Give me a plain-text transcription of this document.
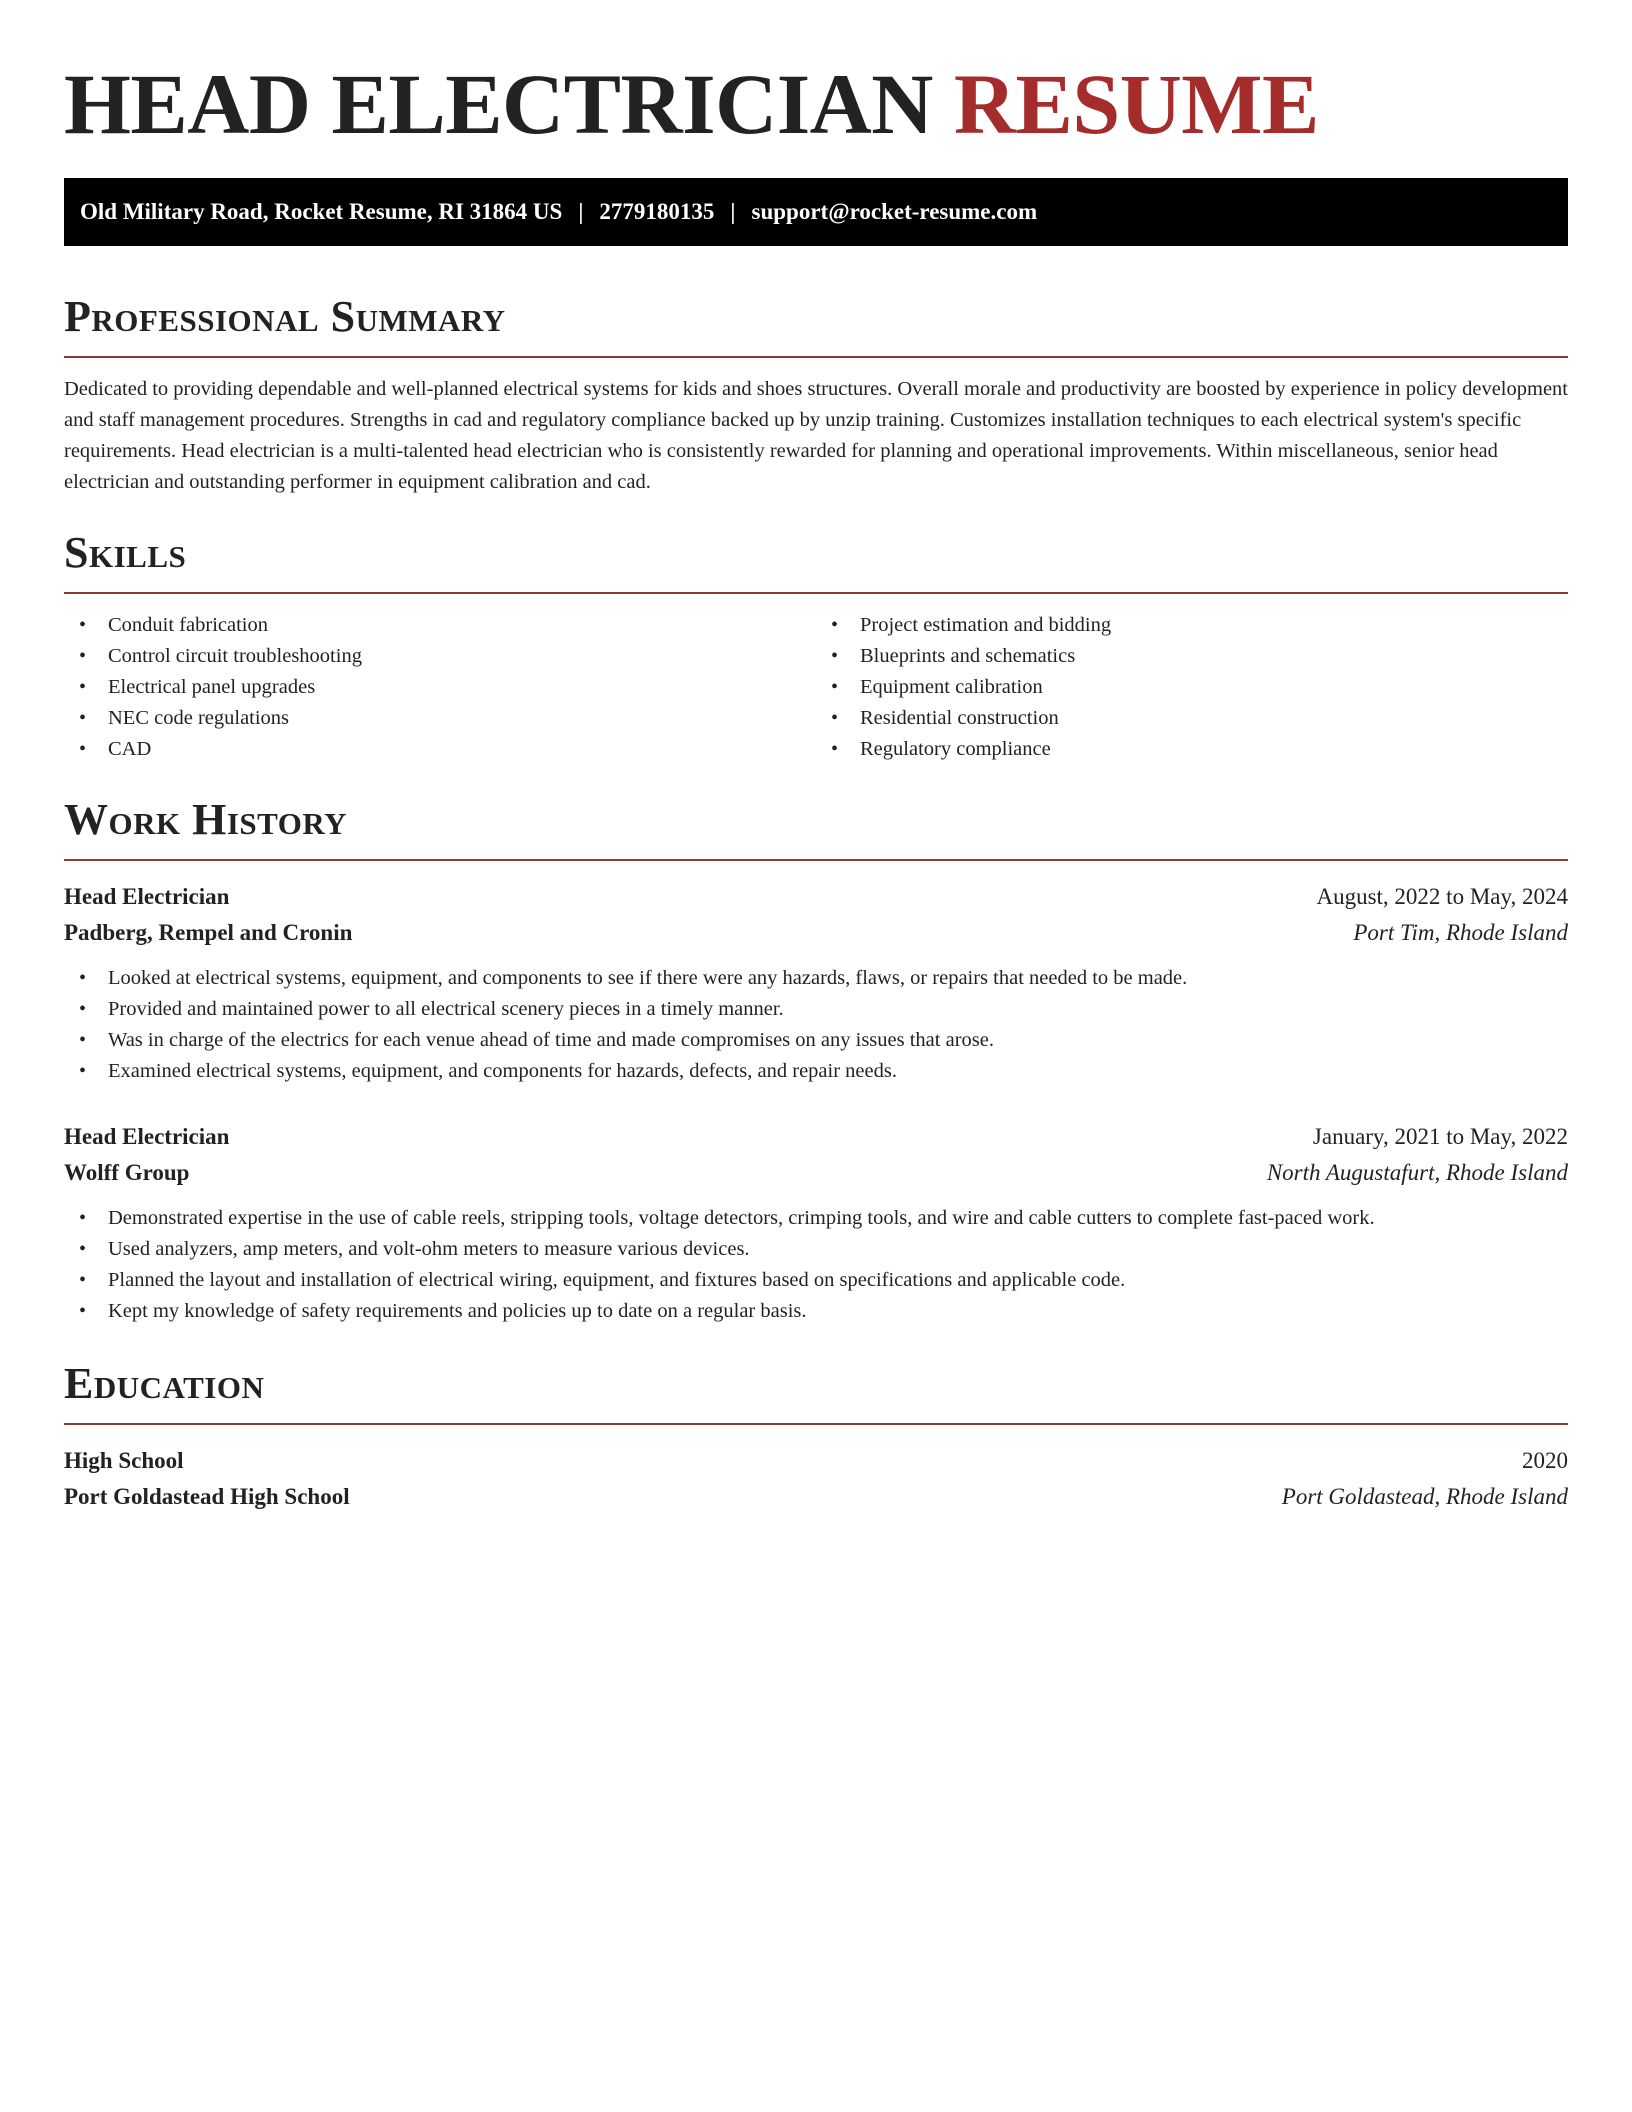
HEAD ELECTRICIAN RESUME
Old Military Road, Rocket Resume, RI 31864 US | 2779180135 | support@rocket-resume.com
Professional Summary

Dedicated to providing dependable and well-planned electrical systems for kids and shoes structures. Overall morale and productivity are boosted by experience in policy development and staff management procedures. Strengths in cad and regulatory compliance backed up by unzip training. Customizes installation techniques to each electrical system's specific requirements. Head electrician is a multi-talented head electrician who is consistently rewarded for planning and operational improvements. Within miscellaneous, senior head electrician and outstanding performer in equipment calibration and cad.

Skills
• Conduit fabrication
• Control circuit troubleshooting
• Electrical panel upgrades
• NEC code regulations
• CAD
• Project estimation and bidding
• Blueprints and schematics
• Equipment calibration
• Residential construction
• Regulatory compliance
Work History
Head Electrician	August, 2022 to May, 2024
Padberg, Rempel and Cronin	Port Tim, Rhode Island
• Looked at electrical systems, equipment, and components to see if there were any hazards, flaws, or repairs that needed to be made.
• Provided and maintained power to all electrical scenery pieces in a timely manner.
• Was in charge of the electrics for each venue ahead of time and made compromises on any issues that arose.
• Examined electrical systems, equipment, and components for hazards, defects, and repair needs.
Head Electrician	January, 2021 to May, 2022
Wolff Group	North Augustafurt, Rhode Island
• Demonstrated expertise in the use of cable reels, stripping tools, voltage detectors, crimping tools, and wire and cable cutters to complete fast-paced work.
• Used analyzers, amp meters, and volt-ohm meters to measure various devices.
• Planned the layout and installation of electrical wiring, equipment, and fixtures based on specifications and applicable code.
• Kept my knowledge of safety requirements and policies up to date on a regular basis.
Education
High School	2020
Port Goldastead High School	Port Goldastead, Rhode Island
